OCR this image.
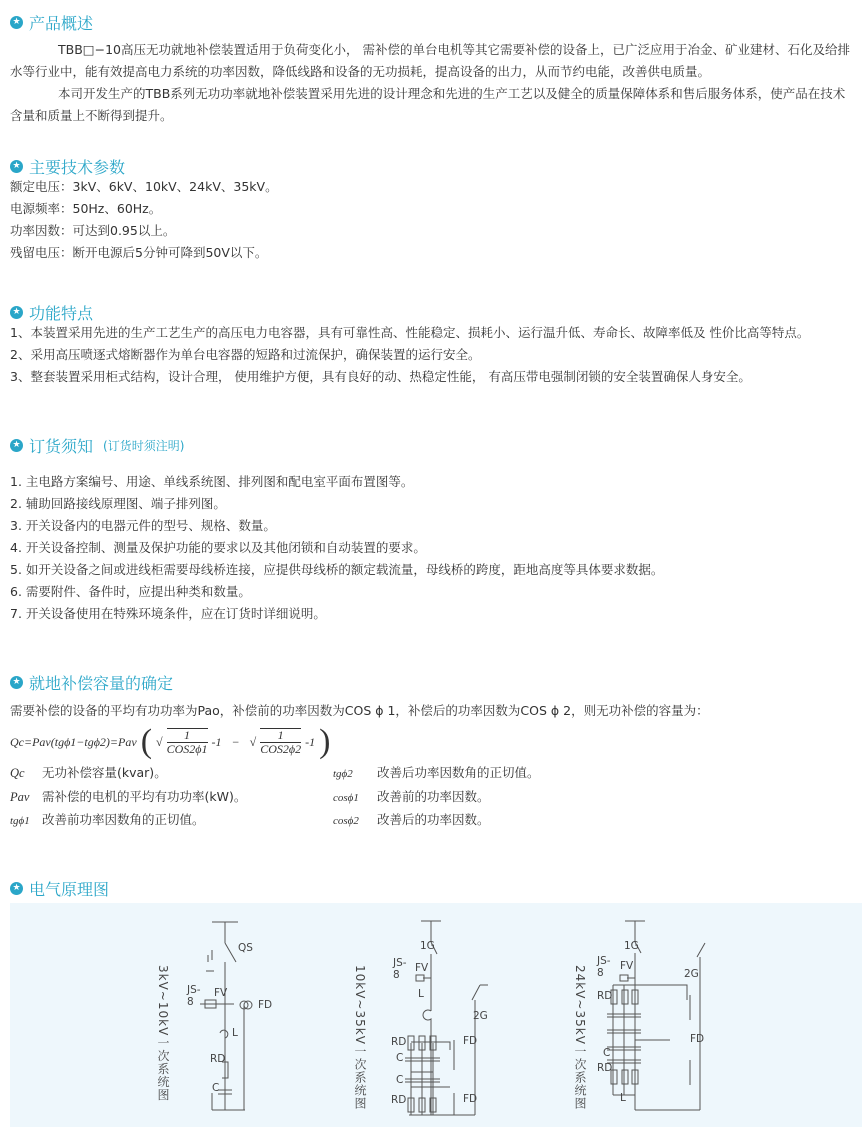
★ 产品概述
TBB□−10高压无功就地补偿装置适用于负荷变化小， 需补偿的单台电机等其它需要补偿的设备上，已广泛应用于冶金、矿业建材、石化及给排
水等行业中，能有效提高电力系统的功率因数，降低线路和设备的无功损耗，提高设备的出力，从而节约电能，改善供电质量。
本司开发生产的TBB系列无功功率就地补偿装置采用先进的设计理念和先进的生产工艺以及健全的质量保障体系和售后服务体系，使产品在技术
含量和质量上不断得到提升。
★ 主要技术参数
额定电压：3kV、6kV、10kV、24kV、35kV。
电源频率：50Hz、60Hz。
功率因数：可达到0.95以上。
残留电压：断开电源后5分钟可降到50V以下。
★ 功能特点
1、本装置采用先进的生产工艺生产的高压电力电容器，具有可靠性高、性能稳定、损耗小、运行温升低、寿命长、故障率低及 性价比高等特点。
2、采用高压喷逐式熔断器作为单台电容器的短路和过流保护，确保装置的运行安全。
3、整套装置采用柜式结构，设计合理， 使用维护方便，具有良好的动、热稳定性能， 有高压带电强制闭锁的安全装置确保人身安全。
★ 订货须知 (订货时须注明)
1. 主电路方案编号、用途、单线系统图、排列图和配电室平面布置图等。
2. 辅助回路接线原理图、端子排列图。
3. 开关设备内的电器元件的型号、规格、数量。
4. 开关设备控制、测量及保护功能的要求以及其他闭锁和自动装置的要求。
5. 如开关设备之间或进线柜需要母线桥连接，应提供母线桥的额定载流量，母线桥的跨度，距地高度等具体要求数据。
6. 需要附件、备件时，应提出种类和数量。
7. 开关设备使用在特殊环境条件，应在订货时详细说明。
★ 就地补偿容量的确定
需要补偿的设备的平均有功功率为Pao，补偿前的功率因数为COS ϕ 1，补偿后的功率因数为COS ϕ 2，则无功补偿的容量为：
Qc=Pav(tgϕ1−tgϕ2)=Pav ( √ 1
COS2ϕ1 -1 − √ 1
COS2ϕ2 -1 )
Qc 无功补偿容量(kvar)。	tgϕ2 改善后功率因数角的正切值。
Pav 需补偿的电机的平均有功功率(kW)。	cosϕ1 改善前的功率因数。
tgϕ1 改善前功率因数角的正切值。	cosϕ2 改善后的功率因数。
★ 电气原理图
3kV~10kV一次系统图	10kV~35kV一次系统图	24kV~35kV一次系统图
QS
JS-8
FV
FD
L
RD
C
1G
JS-8
FV
L
2G
RD	FD
C
C
RD	FD
1G
JS-8
FV
2G
RD
FD
C
RD
L
